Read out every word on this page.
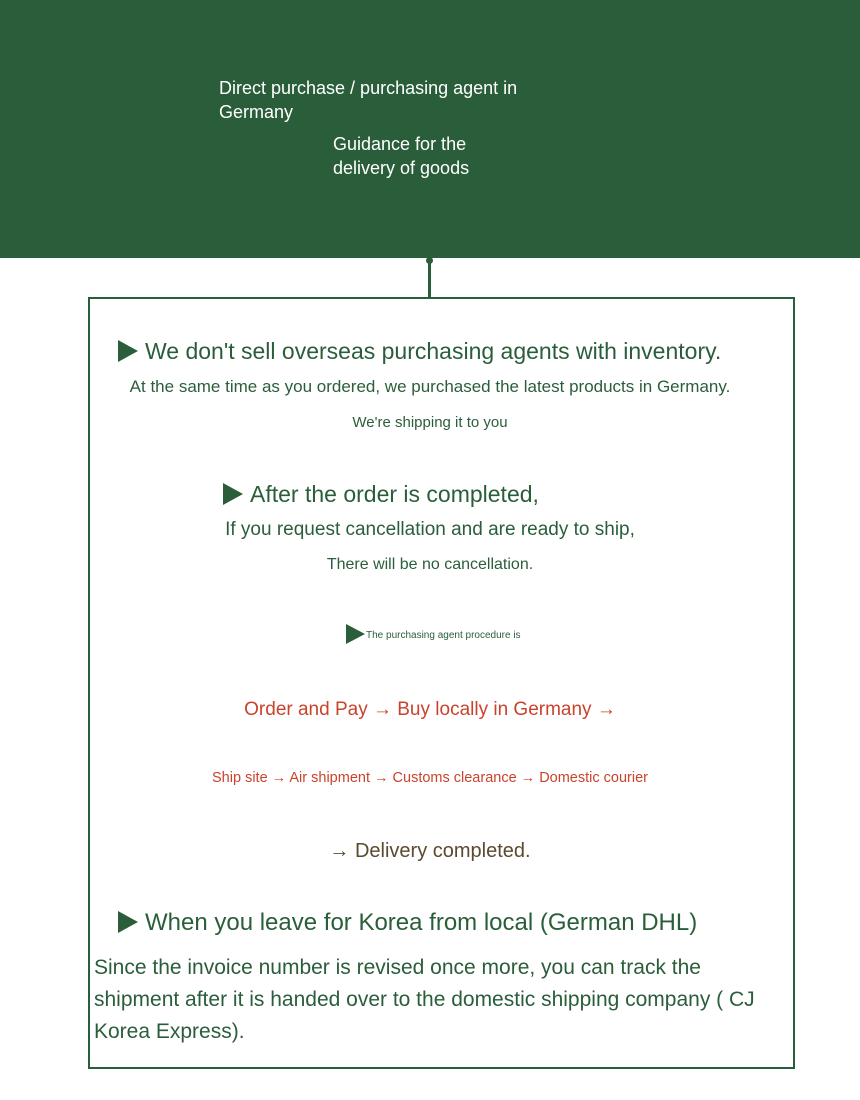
Direct purchase / purchasing agent in Germany
Guidance for the delivery of goods
We don't sell overseas purchasing agents with inventory.
At the same time as you ordered, we purchased the latest products in Germany.
We're shipping it to you
After the order is completed,
If you request cancellation and are ready to ship,
There will be no cancellation.
The purchasing agent procedure is
Order and Pay → Buy locally in Germany →
Ship site → Air shipment → Customs clearance → Domestic courier
→ Delivery completed.
When you leave for Korea from local (German DHL)
Since the invoice number is revised once more, you can track the shipment after it is handed over to the domestic shipping company ( CJ Korea Express).
